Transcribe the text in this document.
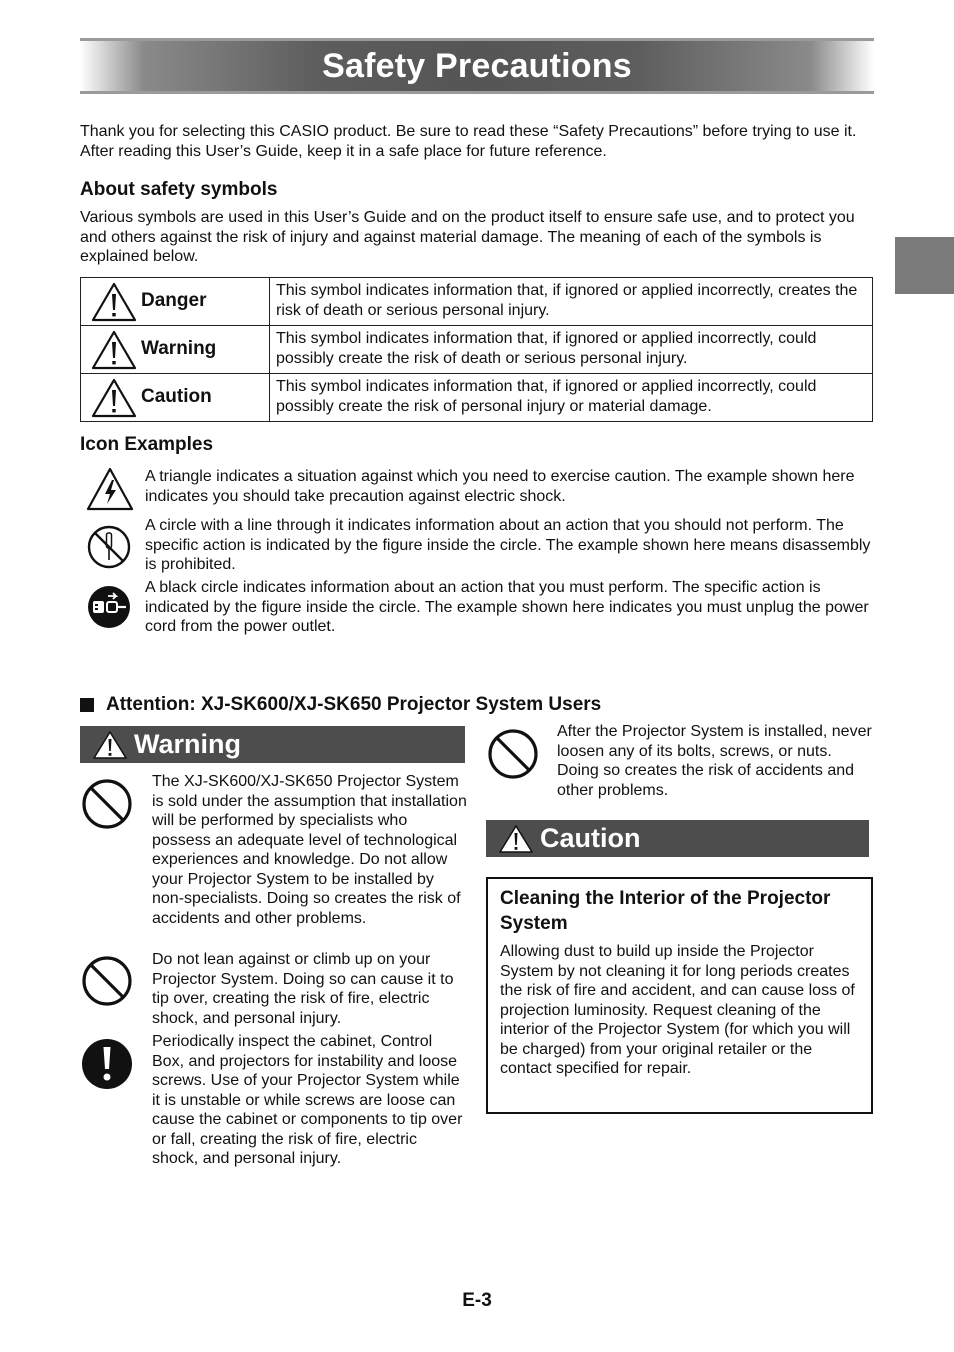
Safety Precautions

Thank you for selecting this CASIO product. Be sure to read these “Safety Precautions” before trying to use it. After reading this User’s Guide, keep it in a safe place for future reference.

About safety symbols

Various symbols are used in this User’s Guide and on the product itself to ensure safe use, and to protect you and others against the risk of injury and against material damage. The meaning of each of the symbols is explained below.

Danger	This symbol indicates information that, if ignored or applied incorrectly, creates the risk of death or serious personal injury.

Warning	This symbol indicates information that, if ignored or applied incorrectly, could possibly create the risk of death or serious personal injury.

Caution	This symbol indicates information that, if ignored or applied incorrectly, could possibly create the risk of personal injury or material damage.

Icon Examples

A triangle indicates a situation against which you need to exercise caution. The example shown here indicates you should take precaution against electric shock.

A circle with a line through it indicates information about an action that you should not perform. The specific action is indicated by the figure inside the circle. The example shown here means disassembly is prohibited.

A black circle indicates information about an action that you must perform. The specific action is indicated by the figure inside the circle. The example shown here indicates you must unplug the power cord from the power outlet.

Attention: XJ-SK600/XJ-SK650 Projector System Users
Warning

The XJ-SK600/XJ-SK650 Projector System is sold under the assumption that installation will be performed by specialists who possess an adequate level of technological experiences and knowledge. Do not allow your Projector System to be installed by non-specialists. Doing so creates the risk of accidents and other problems.

Do not lean against or climb up on your Projector System. Doing so can cause it to tip over, creating the risk of fire, electric shock, and personal injury.

Periodically inspect the cabinet, Control Box, and projectors for instability and loose screws. Use of your Projector System while it is unstable or while screws are loose can cause the cabinet or components to tip over or fall, creating the risk of fire, electric shock, and personal injury.

After the Projector System is installed, never loosen any of its bolts, screws, or nuts. Doing so creates the risk of accidents and other problems.

Caution
Cleaning the Interior of the Projector System

Allowing dust to build up inside the Projector System by not cleaning it for long periods creates the risk of fire and accident, and can cause loss of projection luminosity. Request cleaning of the interior of the Projector System (for which you will be charged) from your original retailer or the contact specified for repair.

E-3
